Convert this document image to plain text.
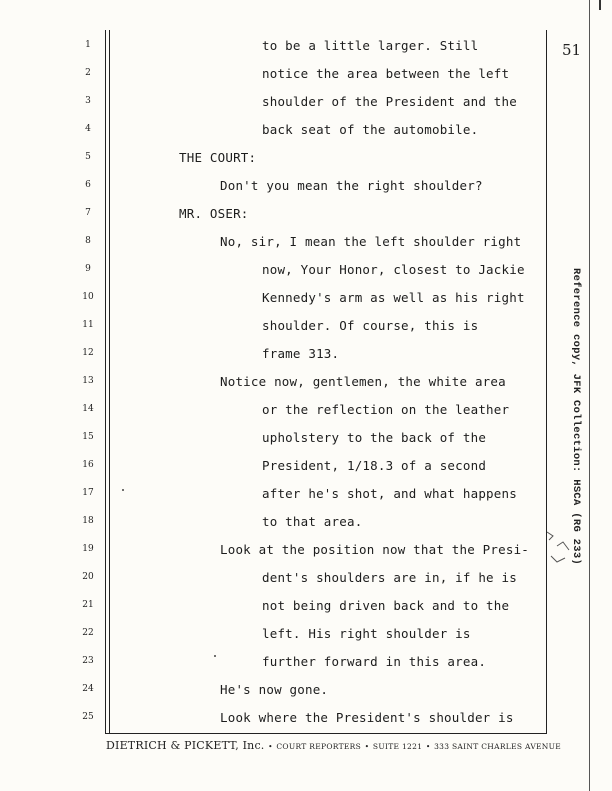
51
Reference copy, JFK Collection: HSCA (RG 233)
1
2
3
4
5
6
7
8
9
10
11
12
13
14
15
16
17
18
19
20
21
22
23
24
25
to be a little larger. Still
notice the area between the left
shoulder of the President and the
back seat of the automobile.
THE COURT:
Don't you mean the right shoulder?
MR. OSER:
No, sir, I mean the left shoulder right
now, Your Honor, closest to Jackie
Kennedy's arm as well as his right
shoulder. Of course, this is
frame 313.
Notice now, gentlemen, the white area
or the reflection on the leather
upholstery to the back of the
President, 1/18.3 of a second
after he's shot, and what happens
to that area.
Look at the position now that the Presi-
dent's shoulders are in, if he is
not being driven back and to the
left. His right shoulder is
further forward in this area.
He's now gone.
Look where the President's shoulder is
DIETRICH & PICKETT, Inc. • COURT REPORTERS • SUITE 1221 • 333 SAINT CHARLES AVENUE
